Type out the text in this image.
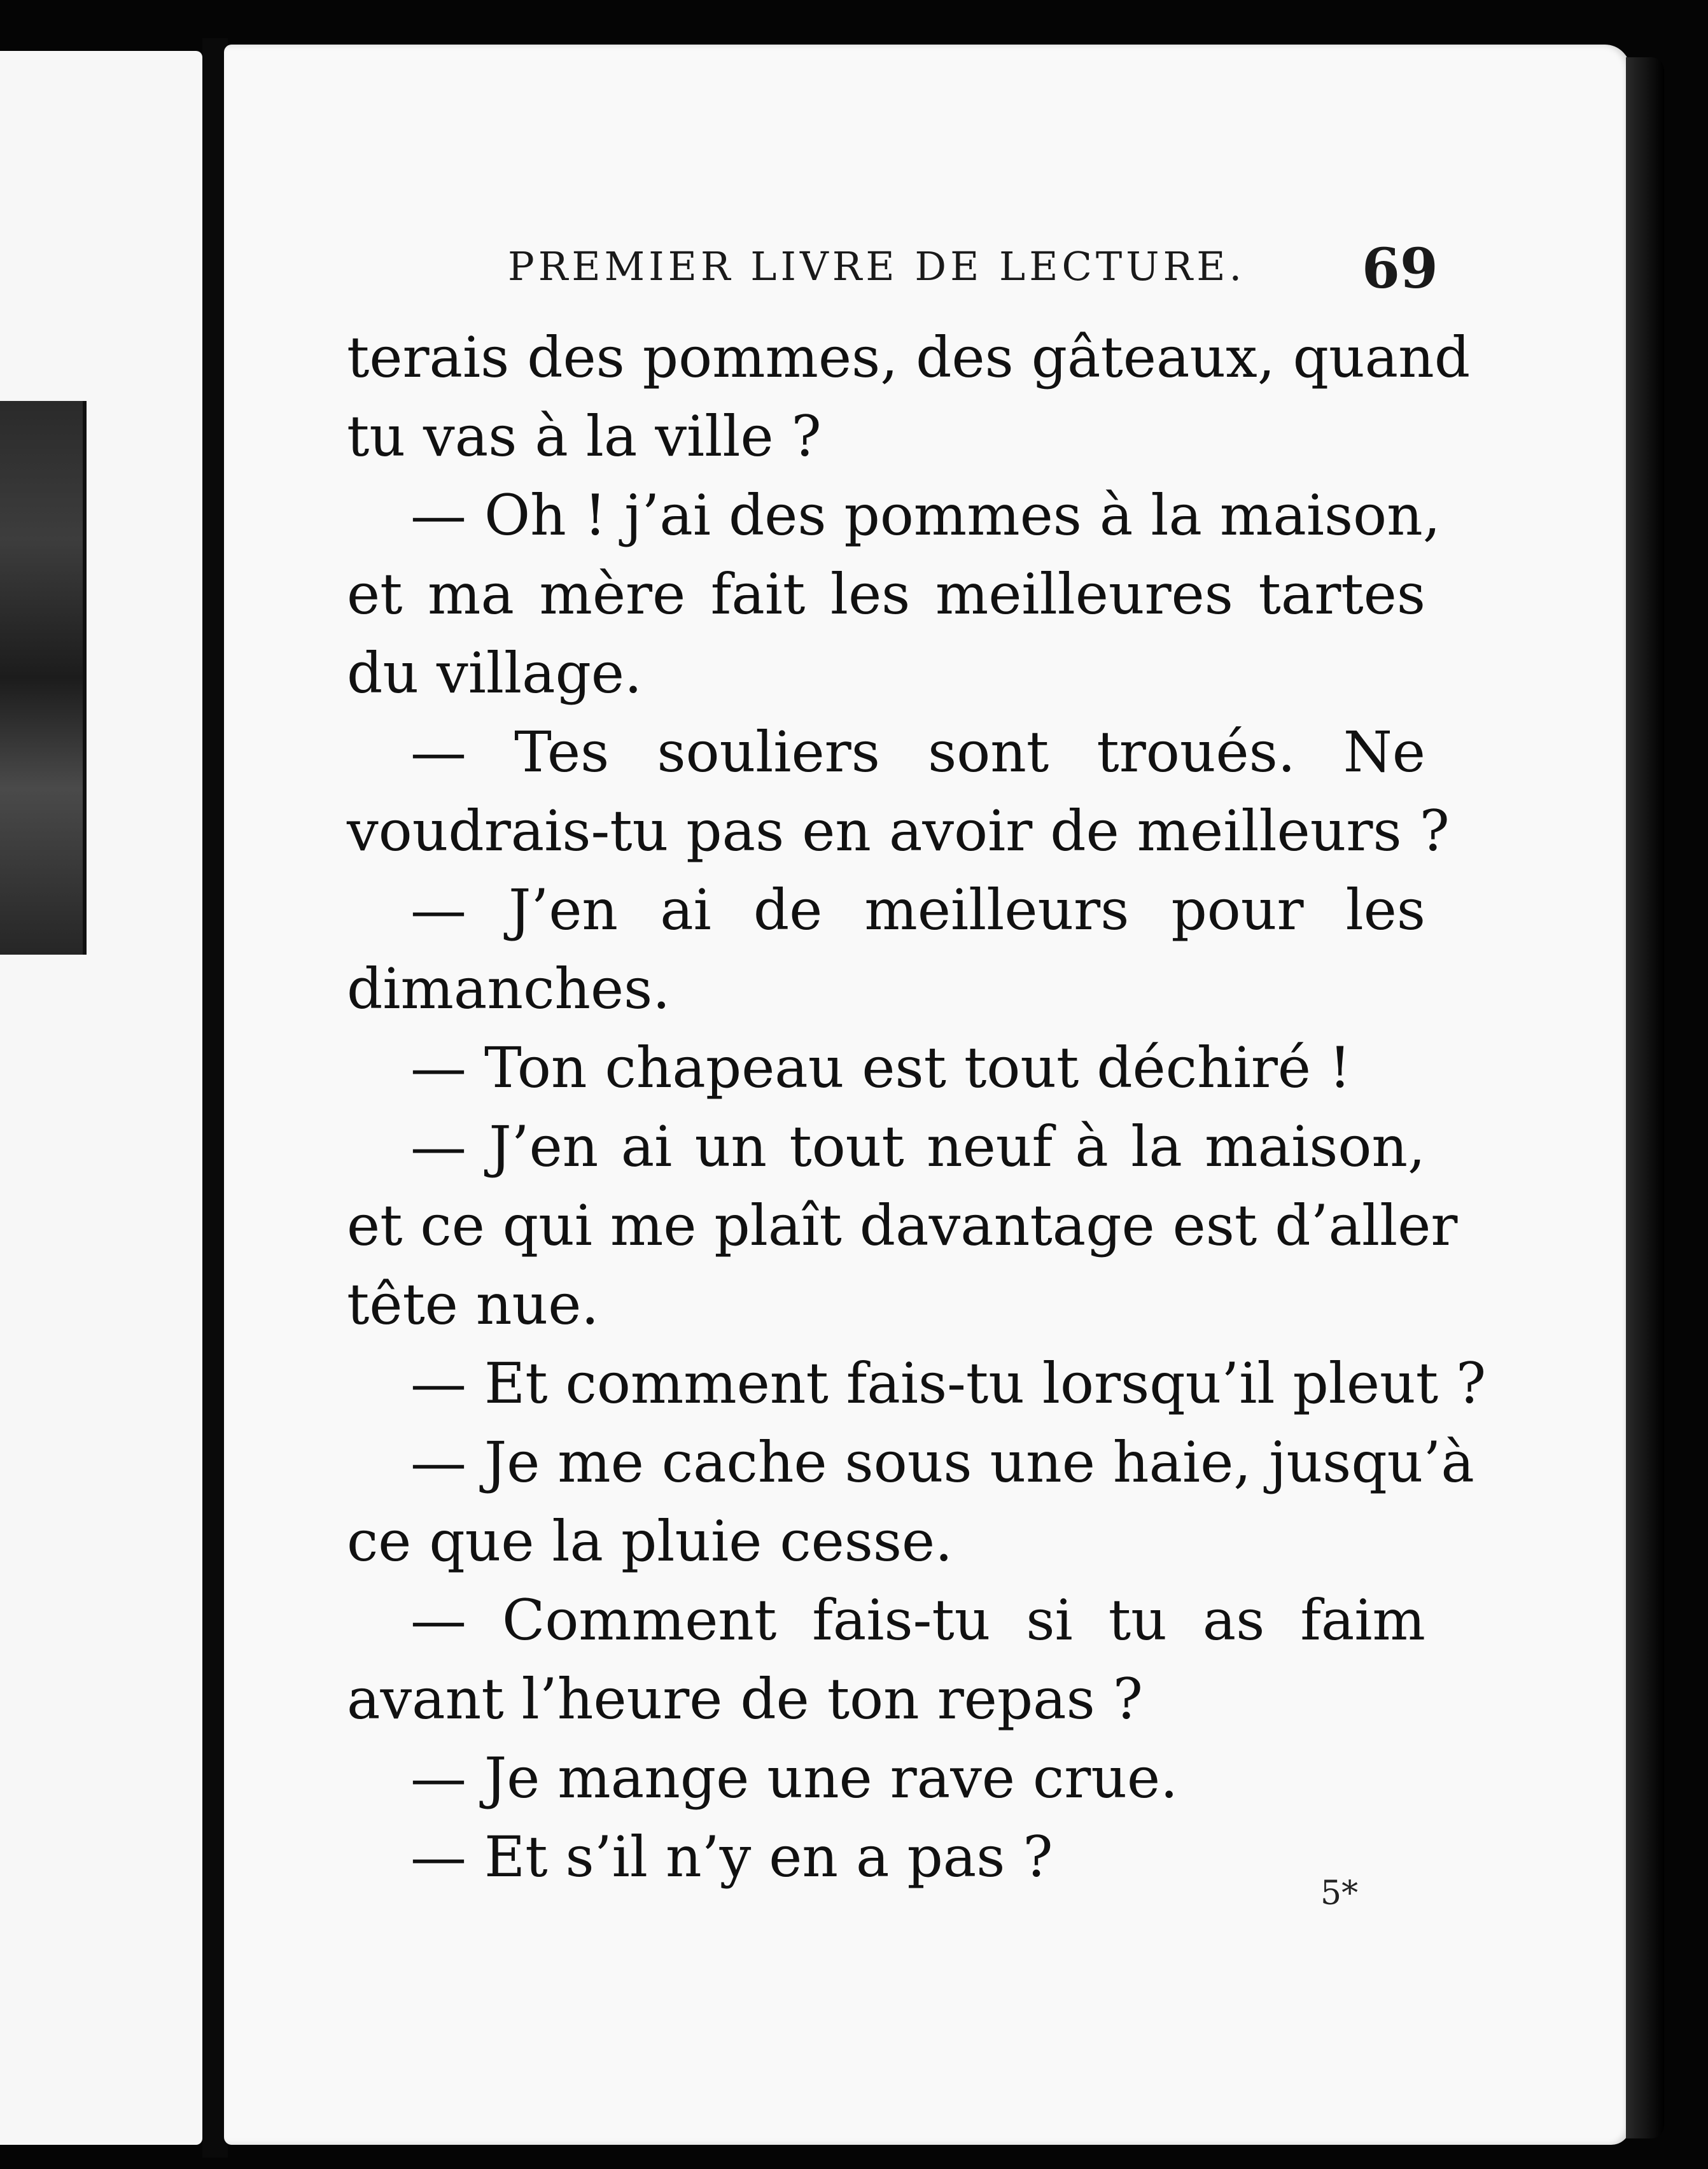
PREMIER LIVRE DE LECTURE. 69
terais des pommes, des gâteaux, quand
tu vas à la ville ?
— Oh ! j’ai des pommes à la maison,
et ma mère fait les meilleures tartes
du village.
— Tes souliers sont troués. Ne
voudrais-tu pas en avoir de meilleurs ?
— J’en ai de meilleurs pour les
dimanches.
— Ton chapeau est tout déchiré !
— J’en ai un tout neuf à la maison,
et ce qui me plaît davantage est d’aller
tête nue.
— Et comment fais-tu lorsqu’il pleut ?
— Je me cache sous une haie, jusqu’à
ce que la pluie cesse.
— Comment fais-tu si tu as faim
avant l’heure de ton repas ?
— Je mange une rave crue.
— Et s’il n’y en a pas ?
5*
